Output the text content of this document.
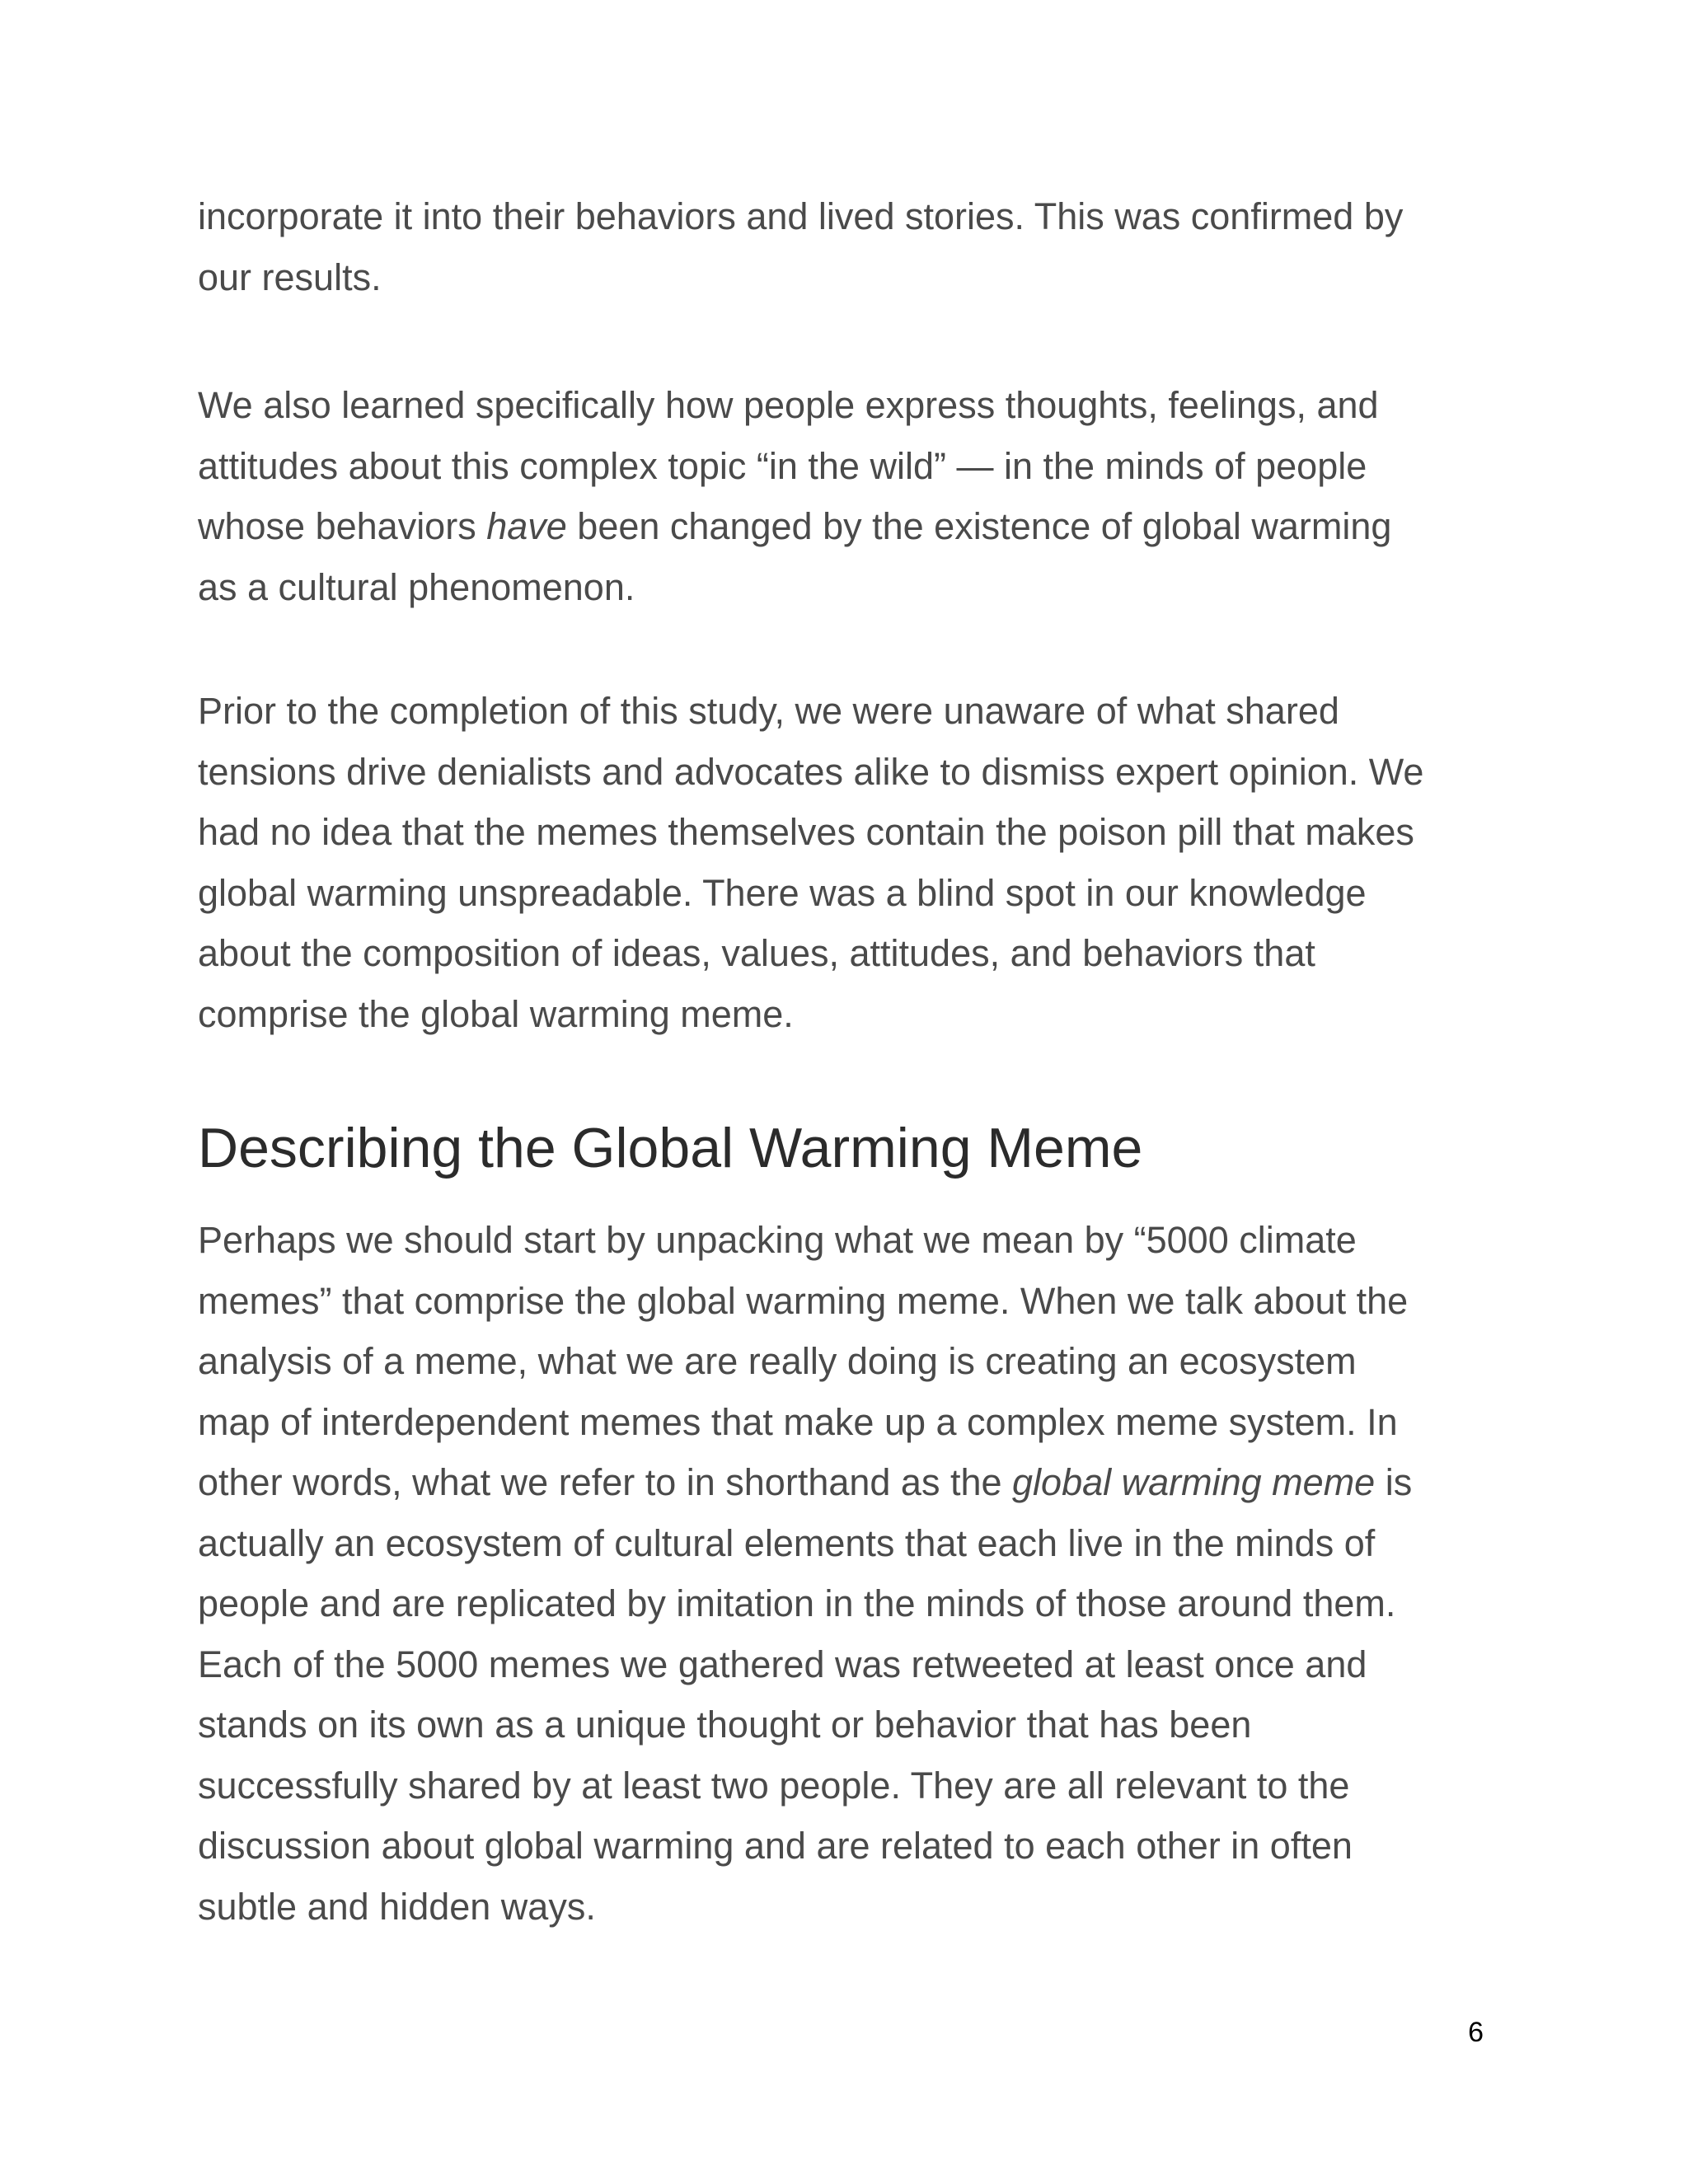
incorporate it into their behaviors and lived stories. This was confirmed by
our results.

We also learned specifically how people express thoughts, feelings, and
attitudes about this complex topic “in the wild” — in the minds of people
whose behaviors have been changed by the existence of global warming
as a cultural phenomenon.

Prior to the completion of this study, we were unaware of what shared
tensions drive denialists and advocates alike to dismiss expert opinion. We
had no idea that the memes themselves contain the poison pill that makes
global warming unspreadable. There was a blind spot in our knowledge
about the composition of ideas, values, attitudes, and behaviors that
comprise the global warming meme.

Describing the Global Warming Meme

Perhaps we should start by unpacking what we mean by “5000 climate
memes” that comprise the global warming meme. When we talk about the
analysis of a meme, what we are really doing is creating an ecosystem
map of interdependent memes that make up a complex meme system. In
other words, what we refer to in shorthand as the global warming meme is
actually an ecosystem of cultural elements that each live in the minds of
people and are replicated by imitation in the minds of those around them.
Each of the 5000 memes we gathered was retweeted at least once and
stands on its own as a unique thought or behavior that has been
successfully shared by at least two people. They are all relevant to the
discussion about global warming and are related to each other in often
subtle and hidden ways.

6
